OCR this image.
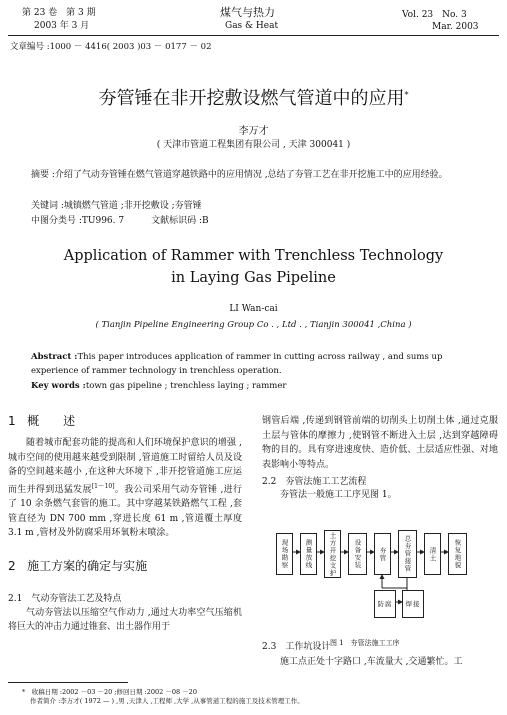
第 23 卷　第 3 期
2003 年 3 月
煤气与热力
Gas & Heat
Vol. 23　No. 3
Mar. 2003
文章编号 :1000 － 4416( 2003 )03 － 0177 － 02
夯管锤在非开挖敷设燃气管道中的应用*
李万才
( 天津市管道工程集团有限公司 , 天津 300041 )
摘要 :介绍了气动夯管锤在燃气管道穿越铁路中的应用情况 ,总结了夯管工艺在非开挖施工中的应用经验。
关键词 :城镇燃气管道 ;非开挖敷设 ;夯管锤
中图分类号 :TU996. 7　　　文献标识码 :B
Application of Rammer with Trenchless Technology
in Laying Gas Pipeline
LI Wan-cai
( Tianjin Pipeline Engineering Group Co . , Ltd . , Tianjin 300041 ,China )
Abstract :This paper introduces application of rammer in cutting across railway , and sums up experience of rammer technology in trenchless operation.
Key words :town gas pipeline ; trenchless laying ; rammer
1 概　　述
随着城市配套功能的提高和人们环境保护意识的增强 ,城市空间的使用越来越受到限制 ,管道施工时留给人员及设备的空间越来越小 ,在这种大环境下 ,非开挖管道施工应运而生并得到迅猛发展[1～10]。我公司采用气动夯管锤 ,进行了 10 余条燃气套管的施工。其中穿越某铁路燃气工程 ,套管直径为 DN 700 mm ,穿进长度 61 m ,管道覆土厚度 3.1 m ,管材及外防腐采用环氧粉末喷涂。
2 施工方案的确定与实施
2.1　气动夯管法工艺及特点
气动夯管法以压缩空气作动力 ,通过大功率空气压缩机将巨大的冲击力通过锥套、出土器作用于
钢管后端 ,传递到钢管前端的切削头上切削土体 ,通过克服土层与管体的摩擦力 ,使钢管不断进入土层 ,达到穿越障碍物的目的。具有穿进速度快、造价低、土层适应性强、对地表影响小等特点。
2.2　夯管法施工工艺流程
夯管法一般施工工序见图 1。
现场勘察	测量放线	土方开挖支护	设备安装	夯管	总夯管接管	清土	恢复地貌
防腐	焊接
图 1　夯管法施工工序
2.3　工作坑设计
施工点正处十字路口 ,车流量大 ,交通繁忙。工
*　收稿日期 :2002 －03 －20 ;修回日期 :2002 －08 －20
作者简介 :李万才( 1972 — ) ,男 ,天津人 ,工程师 ,大学 ,从事管道工程的施工及技术管理工作。
